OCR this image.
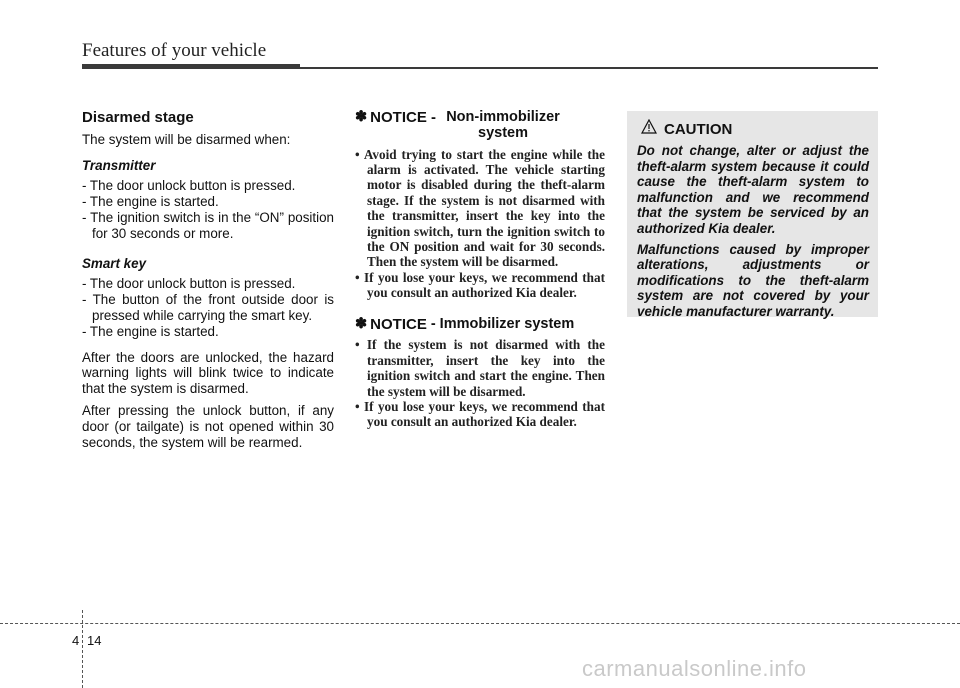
Features of your vehicle
Disarmed stage

The system will be disarmed when:

Transmitter
- The door unlock button is pressed.
- The engine is started.
- The ignition switch is in the “ON” position for 30 seconds or more.
Smart key
- The door unlock button is pressed.
- The button of the front outside door is pressed while carrying the smart key.
- The engine is started.

After the doors are unlocked, the hazard warning lights will blink twice to indicate that the system is disarmed.

After pressing the unlock button, if any door (or tailgate) is not opened within 30 seconds, the system will be rearmed.

✽ NOTICE - Non-immobilizer system
• Avoid trying to start the engine while the alarm is activated. The vehicle starting motor is disabled during the theft-alarm stage. If the system is not disarmed with the transmitter, insert the key into the ignition switch, turn the ignition switch to the ON position and wait for 30 seconds. Then the system will be disarmed.
• If you lose your keys, we recommend that you consult an authorized Kia dealer.
✽ NOTICE - Immobilizer system
• If the system is not disarmed with the transmitter, insert the key into the ignition switch and start the engine. Then the system will be disarmed.
• If you lose your keys, we recommend that you consult an authorized Kia dealer.
CAUTION

Do not change, alter or adjust the theft-alarm system because it could cause the theft-alarm system to malfunction and we recommend that the system be serviced by an authorized Kia dealer.

Malfunctions caused by improper alterations, adjustments or modifications to the theft-alarm system are not covered by your vehicle manufacturer warranty.

4 14
carmanualsonline.info
